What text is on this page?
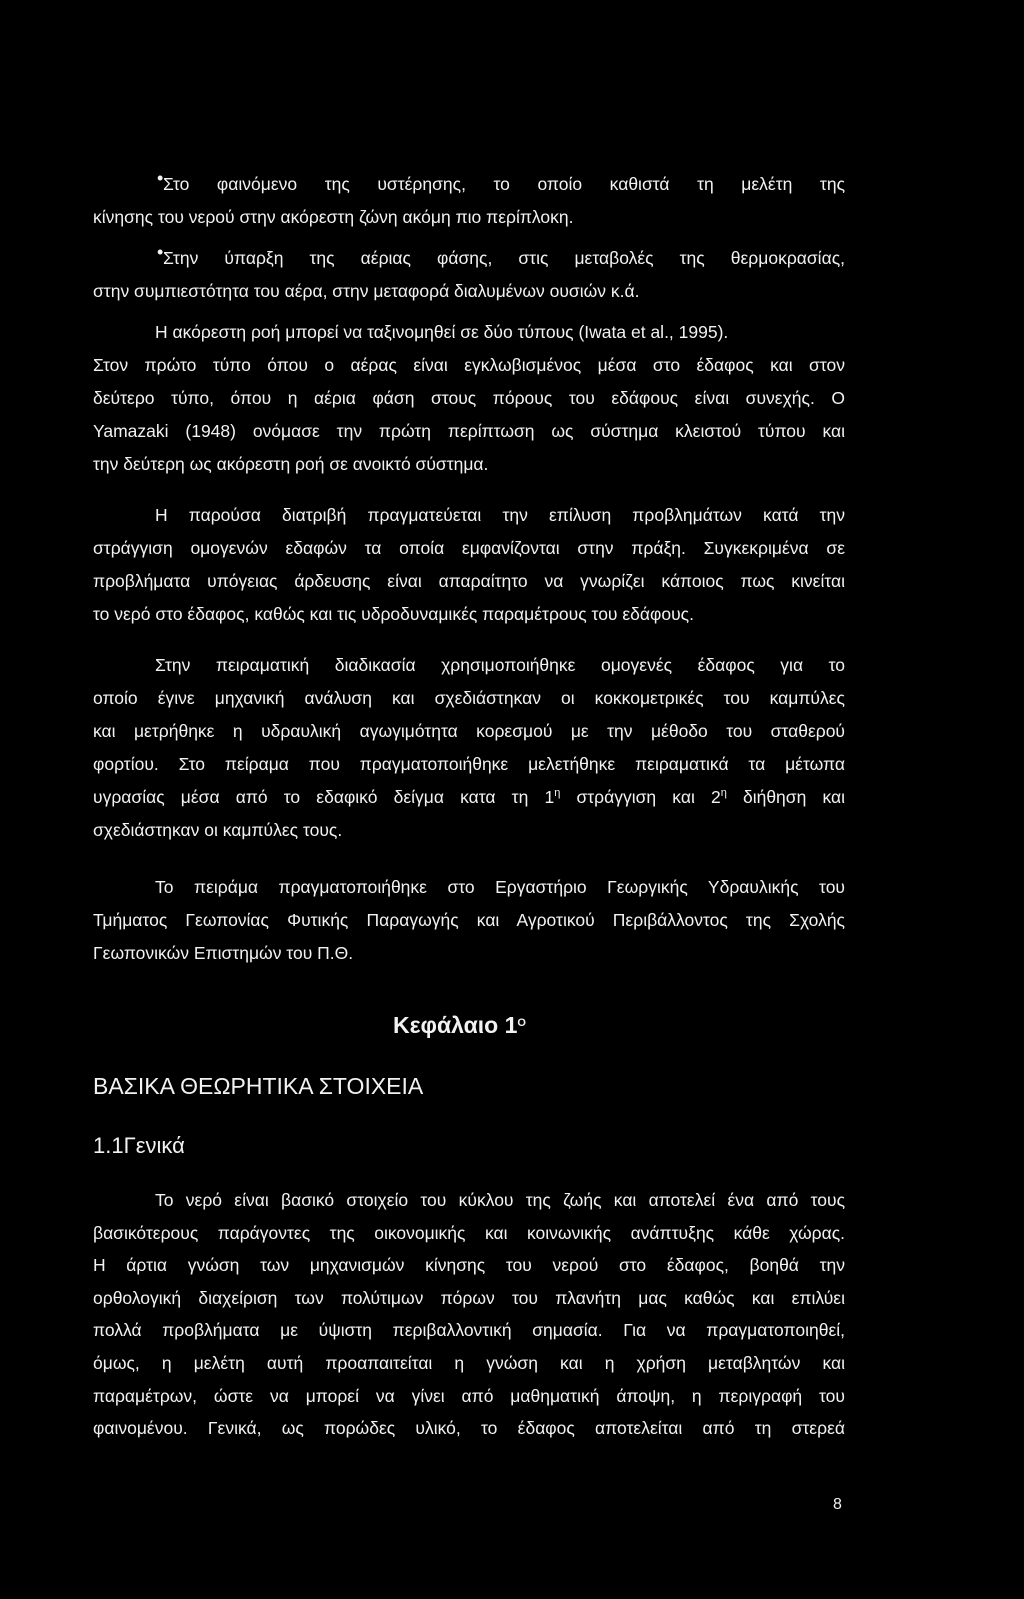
• Στο φαινόμενο της υστέρησης, το οποίο καθιστά τη μελέτη της
κίνησης του νερού στην ακόρεστη ζώνη ακόμη πιο περίπλοκη.
• Στην ύπαρξη της αέριας φάσης, στις μεταβολές της θερμοκρασίας,
στην συμπιεστότητα του αέρα, στην μεταφορά διαλυμένων ουσιών κ.ά.
Η ακόρεστη ροή μπορεί να ταξινομηθεί σε δύο τύπους (Iwata et al., 1995).
Στον πρώτο τύπο όπου ο αέρας είναι εγκλωβισμένος μέσα στο έδαφος και στον
δεύτερο τύπο, όπου η αέρια φάση στους πόρους του εδάφους είναι συνεχής. Ο
Yamazaki (1948) ονόμασε την πρώτη περίπτωση ως σύστημα κλειστού τύπου και
την δεύτερη ως ακόρεστη ροή σε ανοικτό σύστημα.
Η παρούσα διατριβή πραγματεύεται την επίλυση προβλημάτων κατά την
στράγγιση ομογενών εδαφών τα οποία εμφανίζονται στην πράξη. Συγκεκριμένα σε
προβλήματα υπόγειας άρδευσης είναι απαραίτητο να γνωρίζει κάποιος πως κινείται
το νερό στο έδαφος, καθώς και τις υδροδυναμικές παραμέτρους του εδάφους.
Στην πειραματική διαδικασία χρησιμοποιήθηκε ομογενές έδαφος για το
οποίο έγινε μηχανική ανάλυση και σχεδιάστηκαν οι κοκκομετρικές του καμπύλες
και μετρήθηκε η υδραυλική αγωγιμότητα κορεσμού με την μέθοδο του σταθερού
φορτίου. Στο πείραμα που πραγματοποιήθηκε μελετήθηκε πειραματικά τα μέτωπα
υγρασίας μέσα από το εδαφικό δείγμα κατα τη $1^\eta$ στράγγιση και $2^\eta$ διήθηση και
σχεδιάστηκαν οι καμπύλες τους.
Το πειράμα πραγματοποιήθηκε στο Εργαστήριο Γεωργικής Υδραυλικής του
Τμήματος Γεωπονίας Φυτικής Παραγωγής και Αγροτικού Περιβάλλοντος της Σχολής
Γεωπονικών Επιστημών του Π.Θ.
Κεφάλαιο $1^O$
ΒΑΣΙΚΑ ΘΕΩΡΗΤΙΚΑ ΣΤΟΙΧΕΙΑ
1.1Γενικά
Το νερό είναι βασικό στοιχείο του κύκλου της ζωής και αποτελεί ένα από τους
βασικότερους παράγοντες της οικονομικής και κοινωνικής ανάπτυξης κάθε χώρας.
Η άρτια γνώση των μηχανισμών κίνησης του νερού στο έδαφος, βοηθά την
ορθολογική διαχείριση των πολύτιμων πόρων του πλανήτη μας καθώς και επιλύει
πολλά προβλήματα με ύψιστη περιβαλλοντική σημασία. Για να πραγματοποιηθεί,
όμως, η μελέτη αυτή προαπαιτείται η γνώση και η χρήση μεταβλητών και
παραμέτρων, ώστε να μπορεί να γίνει από μαθηματική άποψη, η περιγραφή του
φαινομένου. Γενικά, ως πορώδες υλικό, το έδαφος αποτελείται από τη στερεά
8
